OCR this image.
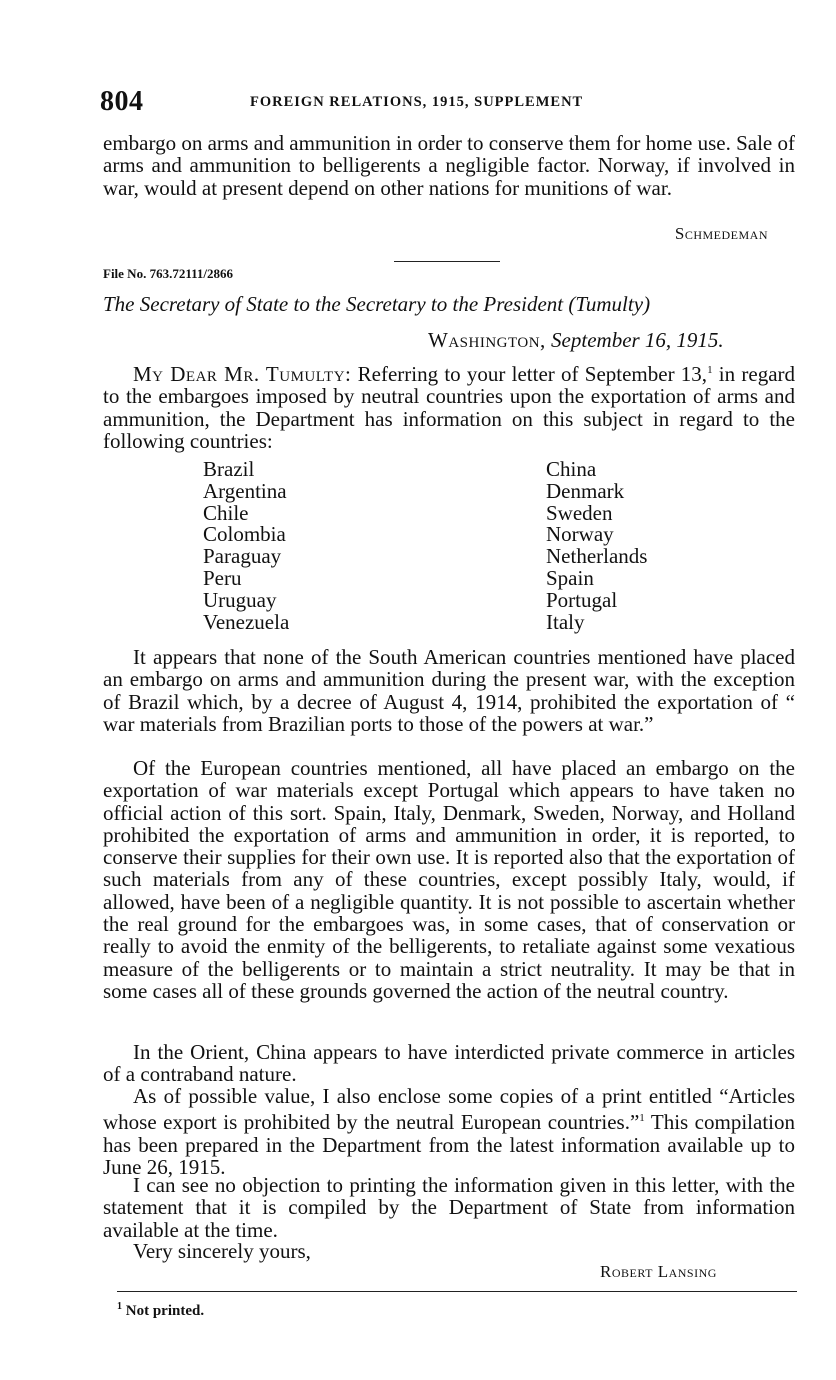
804	FOREIGN RELATIONS, 1915, SUPPLEMENT
embargo on arms and ammunition in order to conserve them for home use. Sale of arms and ammunition to belligerents a negligible factor. Norway, if involved in war, would at present depend on other nations for munitions of war.
Schmedeman
File No. 763.72111/2866
The Secretary of State to the Secretary to the President (Tumulty)
Washington, September 16, 1915.
My Dear Mr. Tumulty: Referring to your letter of September 13,$^1$ in regard to the embargoes imposed by neutral countries upon the exportation of arms and ammunition, the Department has information on this subject in regard to the following countries:
Brazil
Argentina
Chile
Colombia
Paraguay
Peru
Uruguay
Venezuela
China
Denmark
Sweden
Norway
Netherlands
Spain
Portugal
Italy
It appears that none of the South American countries mentioned have placed an embargo on arms and ammunition during the present war, with the exception of Brazil which, by a decree of August 4, 1914, prohibited the exportation of “ war materials from Brazilian ports to those of the powers at war.”
Of the European countries mentioned, all have placed an embargo on the exportation of war materials except Portugal which appears to have taken no official action of this sort. Spain, Italy, Denmark, Sweden, Norway, and Holland prohibited the exportation of arms and ammunition in order, it is reported, to conserve their supplies for their own use. It is reported also that the exportation of such materials from any of these countries, except possibly Italy, would, if allowed, have been of a negligible quantity. It is not possible to ascertain whether the real ground for the embargoes was, in some cases, that of conservation or really to avoid the enmity of the belligerents, to retaliate against some vexatious measure of the belligerents or to maintain a strict neutrality. It may be that in some cases all of these grounds governed the action of the neutral country.
In the Orient, China appears to have interdicted private commerce in articles of a contraband nature.
As of possible value, I also enclose some copies of a print entitled “Articles whose export is prohibited by the neutral European countries.”$^1$ This compilation has been prepared in the Department from the latest information available up to June 26, 1915.
I can see no objection to printing the information given in this letter, with the statement that it is compiled by the Department of State from information available at the time.
Very sincerely yours,
Robert Lansing
$^1$ Not printed.
